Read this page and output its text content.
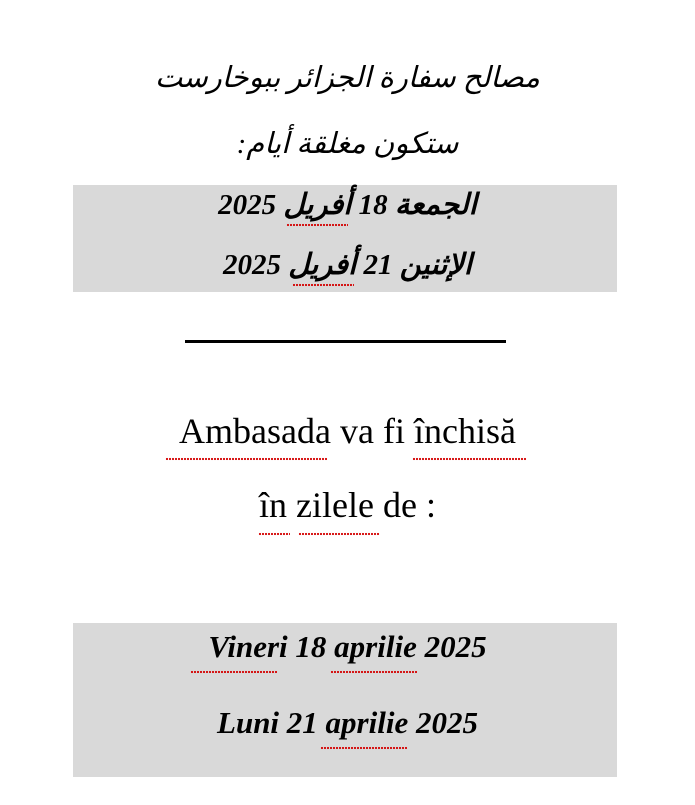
مصالح سفارة الجزائر ببوخارست
ستكون مغلقة أيام:
الجمعة 18 أفريل 2025
الإثنين 21 أفريل 2025
Ambasada va fi închisă
în zilele de :
Vineri 18 aprilie 2025
Luni 21 aprilie 2025
